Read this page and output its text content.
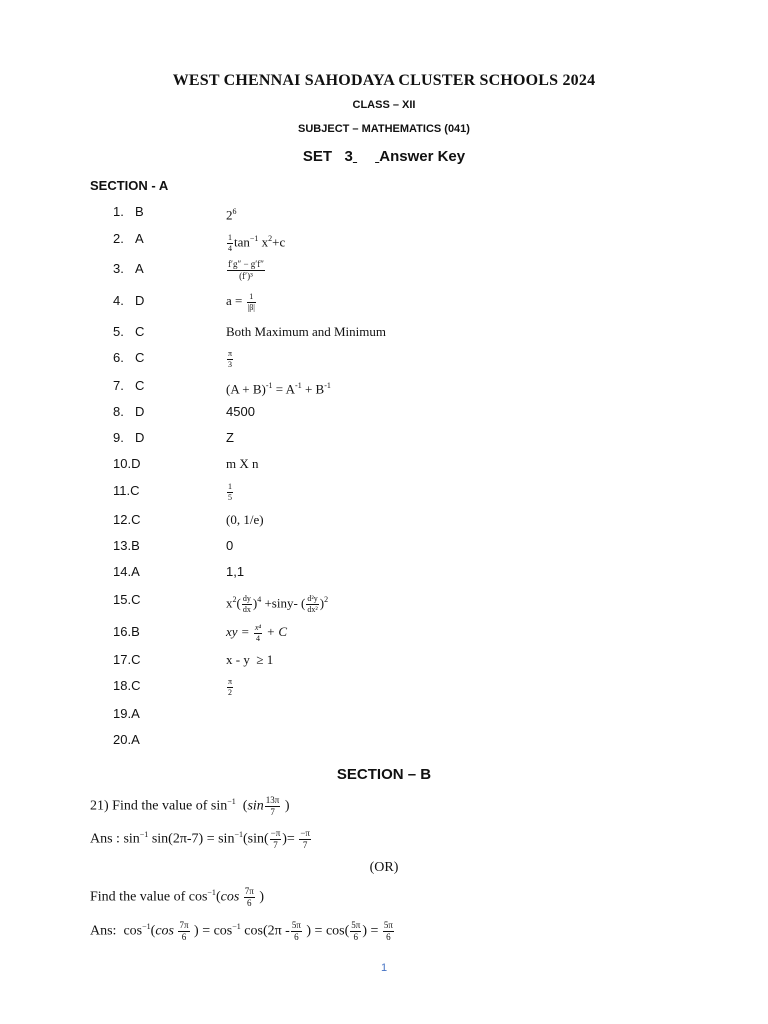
WEST CHENNAI SAHODAYA CLUSTER SCHOOLS 2024
CLASS – XII
SUBJECT – MATHEMATICS (041)
SET   3 Answer Key
SECTION - A
1. B	$2^6$
2. A	$\frac{1}{4} \tan^{-1} x^2+c$
3. A	$\frac{f'g'' - g'f''}{\text{(f′)³}}$
4. D	$a = \frac{1}{|\beta|}$
5. C	Both Maximum and Minimum
6. C	$\frac{\pi}{3}$
7. C	$(A + B)^{-1} = A^{-1} + B^{-1}$
8. D	4500
9. D	Z
10.D	m X n
11.C	$\frac{1}{5}$
12.C	(0, 1/e)
13.B	0
14.A	1,1
15.C	$x^2( \frac{dy}{dx} )^4 +\sin y-$ ( $\frac{\text{d²y}}{\text{dx²}} )^2$
16.B	xy = $\frac{\text{x⁴}}{4} + C$
17.C	x - y  ≥ 1
18.C	$\frac{\pi}{2}$
19.A
20.A
SECTION – B
21) Find the value of $\sin^{-1} (\sin \frac{13\pi}{7}$ )
Ans : $\sin^{-1} \sin(2\pi-7) = \sin^{-1}(\sin( \frac{-\pi}{7}$ )= $\frac{-\pi}{7}$
(OR)
Find the value of $\cos^{-1}(\cos \frac{7\pi}{6}$ )
Ans:  $\cos^{-1}(\cos \frac{7\pi}{6}$ ) = $\cos^{-1} \cos(2\pi - \frac{5\pi}{6}$ ) = $\cos( \frac{5\pi}{6}$ ) = $\frac{5\pi}{6}$
1
